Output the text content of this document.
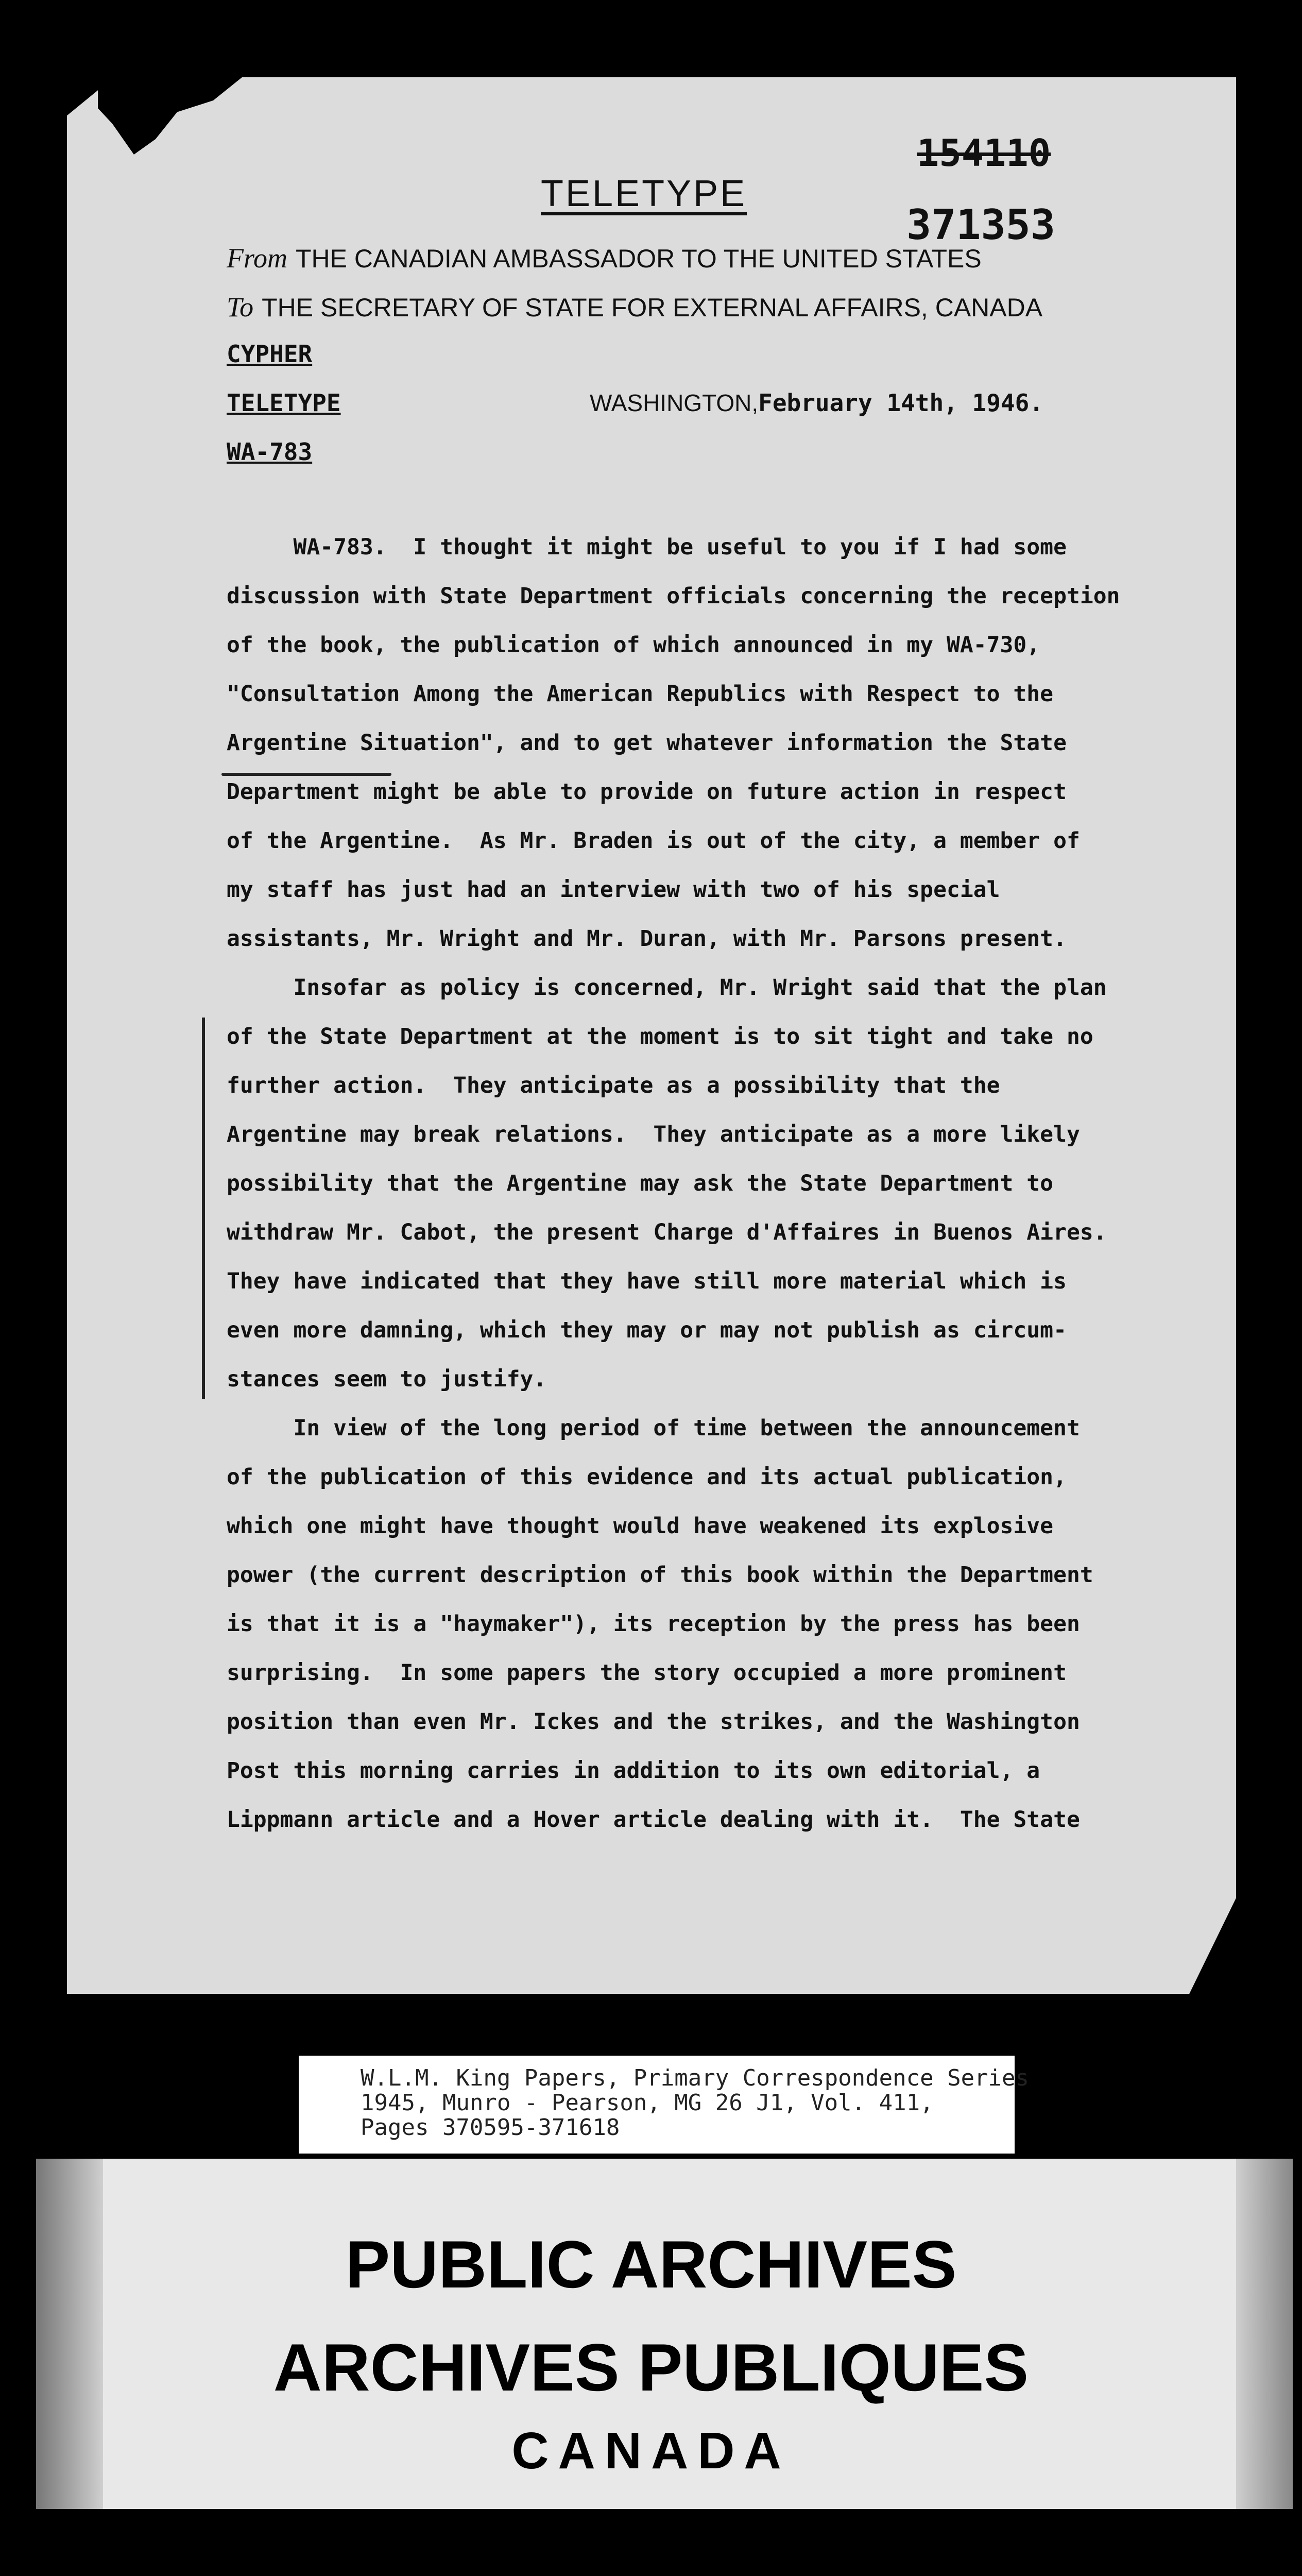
154110
371353
TELETYPE
From THE CANADIAN AMBASSADOR TO THE UNITED STATES
To THE SECRETARY OF STATE FOR EXTERNAL AFFAIRS, CANADA
CYPHER
TELETYPE
WA-783
WASHINGTON,February 14th, 1946.

WA-783.  I thought it might be useful to you if I had some

discussion with State Department officials concerning the reception

of the book, the publication of which announced in my WA-730,

"Consultation Among the American Republics with Respect to the

Argentine Situation", and to get whatever information the State

Department might be able to provide on future action in respect

of the Argentine.  As Mr. Braden is out of the city, a member of

my staff has just had an interview with two of his special

assistants, Mr. Wright and Mr. Duran, with Mr. Parsons present.

Insofar as policy is concerned, Mr. Wright said that the plan

of the State Department at the moment is to sit tight and take no

further action.  They anticipate as a possibility that the

Argentine may break relations.  They anticipate as a more likely

possibility that the Argentine may ask the State Department to

withdraw Mr. Cabot, the present Charge d'Affaires in Buenos Aires.

They have indicated that they have still more material which is

even more damning, which they may or may not publish as circum-

stances seem to justify.

In view of the long period of time between the announcement

of the publication of this evidence and its actual publication,

which one might have thought would have weakened its explosive

power (the current description of this book within the Department

is that it is a "haymaker"), its reception by the press has been

surprising.  In some papers the story occupied a more prominent

position than even Mr. Ickes and the strikes, and the Washington

Post this morning carries in addition to its own editorial, a

Lippmann article and a Hover article dealing with it.  The State

W.L.M. King Papers, Primary Correspondence Series
1945, Munro - Pearson, MG 26 J1, Vol. 411,
Pages 370595-371618
PUBLIC ARCHIVES
ARCHIVES PUBLIQUES
CANADA
